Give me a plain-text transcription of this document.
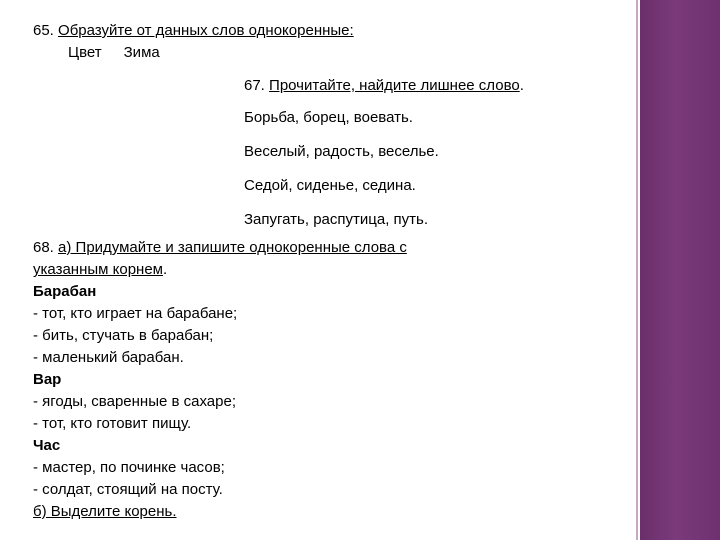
65. Образуйте от данных слов однокоренные:
Цвет Зима
67. Прочитайте, найдите лишнее слово.
Борьба, борец, воевать.
Веселый, радость, веселье.
Седой, сиденье, седина.
Запугать, распутица, путь.
68. а) Придумайте и запишите однокоренные слова с
указанным корнем.
Барабан
- тот, кто играет на барабане;
- бить, стучать в барабан;
- маленький барабан.
Вар
- ягоды, сваренные в сахаре;
- тот, кто готовит пищу.
Час
- мастер, по починке часов;
- солдат, стоящий на посту.
б) Выделите корень.
